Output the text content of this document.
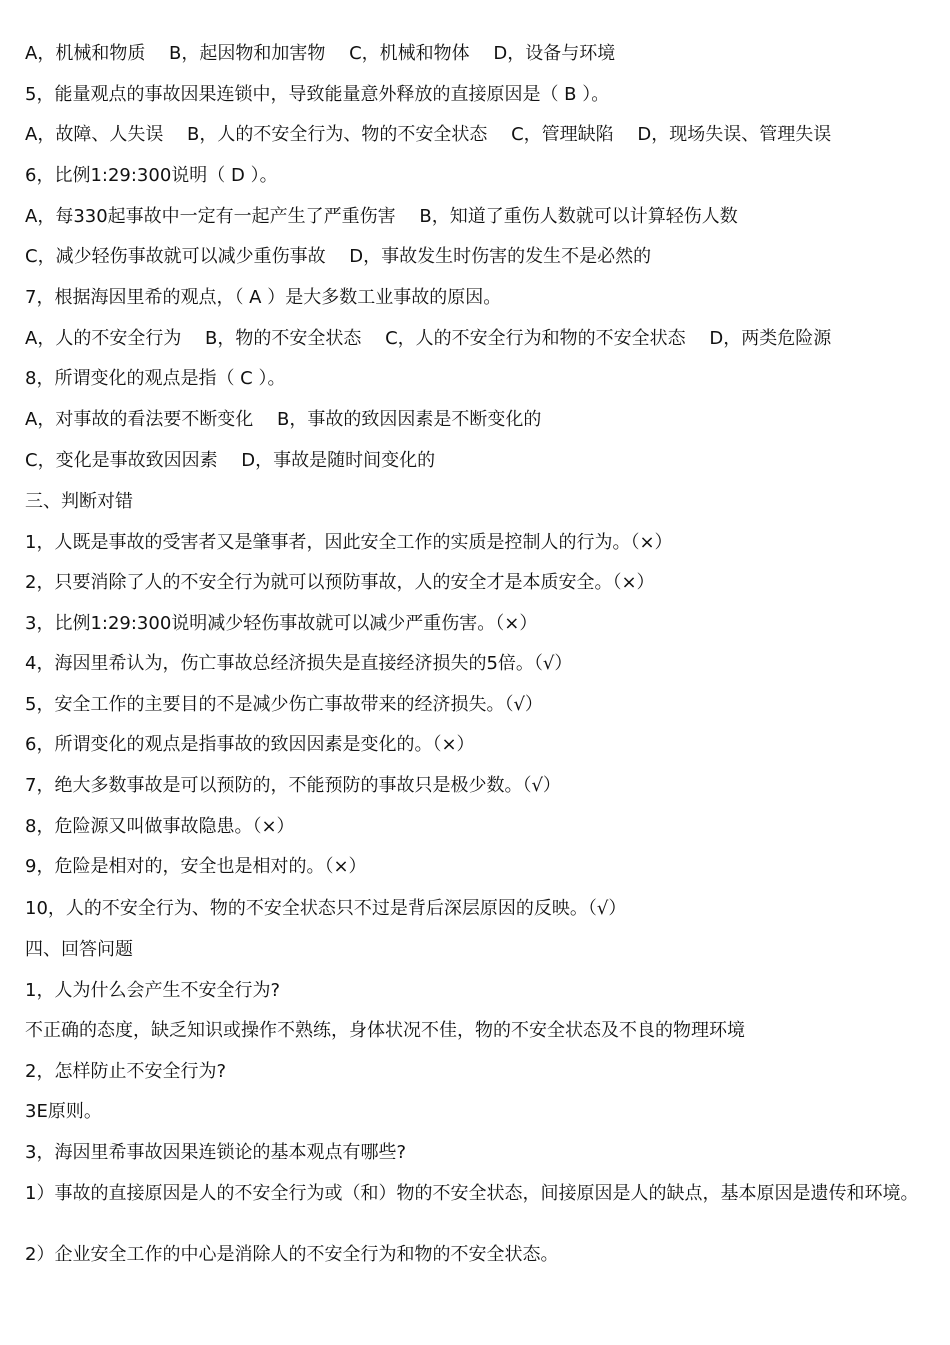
A，机械和物质　 B，起因物和加害物　 C，机械和物体　 D，设备与环境
5，能量观点的事故因果连锁中，导致能量意外释放的直接原因是（ B ）。
A，故障、人失误　 B，人的不安全行为、物的不安全状态　 C，管理缺陷　 D，现场失误、管理失误
6，比例1:29:300说明（ D ）。
A，每330起事故中一定有一起产生了严重伤害　 B，知道了重伤人数就可以计算轻伤人数
C，减少轻伤事故就可以减少重伤事故　 D，事故发生时伤害的发生不是必然的
7，根据海因里希的观点，（ A ）是大多数工业事故的原因。
A，人的不安全行为　 B，物的不安全状态　 C，人的不安全行为和物的不安全状态　 D，两类危险源
8，所谓变化的观点是指（ C ）。
A，对事故的看法要不断变化　 B，事故的致因因素是不断变化的
C，变化是事故致因因素　 D，事故是随时间变化的
三、判断对错
1，人既是事故的受害者又是肇事者，因此安全工作的实质是控制人的行为。（×）
2，只要消除了人的不安全行为就可以预防事故，人的安全才是本质安全。（×）
3，比例1:29:300说明减少轻伤事故就可以减少严重伤害。（×）
4，海因里希认为，伤亡事故总经济损失是直接经济损失的5倍。（√）
5，安全工作的主要目的不是减少伤亡事故带来的经济损失。（√）
6，所谓变化的观点是指事故的致因因素是变化的。（×）
7，绝大多数事故是可以预防的，不能预防的事故只是极少数。（√）
8，危险源又叫做事故隐患。（×）
9，危险是相对的，安全也是相对的。（×）
10，人的不安全行为、物的不安全状态只不过是背后深层原因的反映。（√）
四、回答问题
1，人为什么会产生不安全行为?
不正确的态度，缺乏知识或操作不熟练，身体状况不佳，物的不安全状态及不良的物理环境
2，怎样防止不安全行为?
3E原则。
3，海因里希事故因果连锁论的基本观点有哪些?
1）事故的直接原因是人的不安全行为或（和）物的不安全状态，间接原因是人的缺点，基本原因是遗传和环境。
2）企业安全工作的中心是消除人的不安全行为和物的不安全状态。
